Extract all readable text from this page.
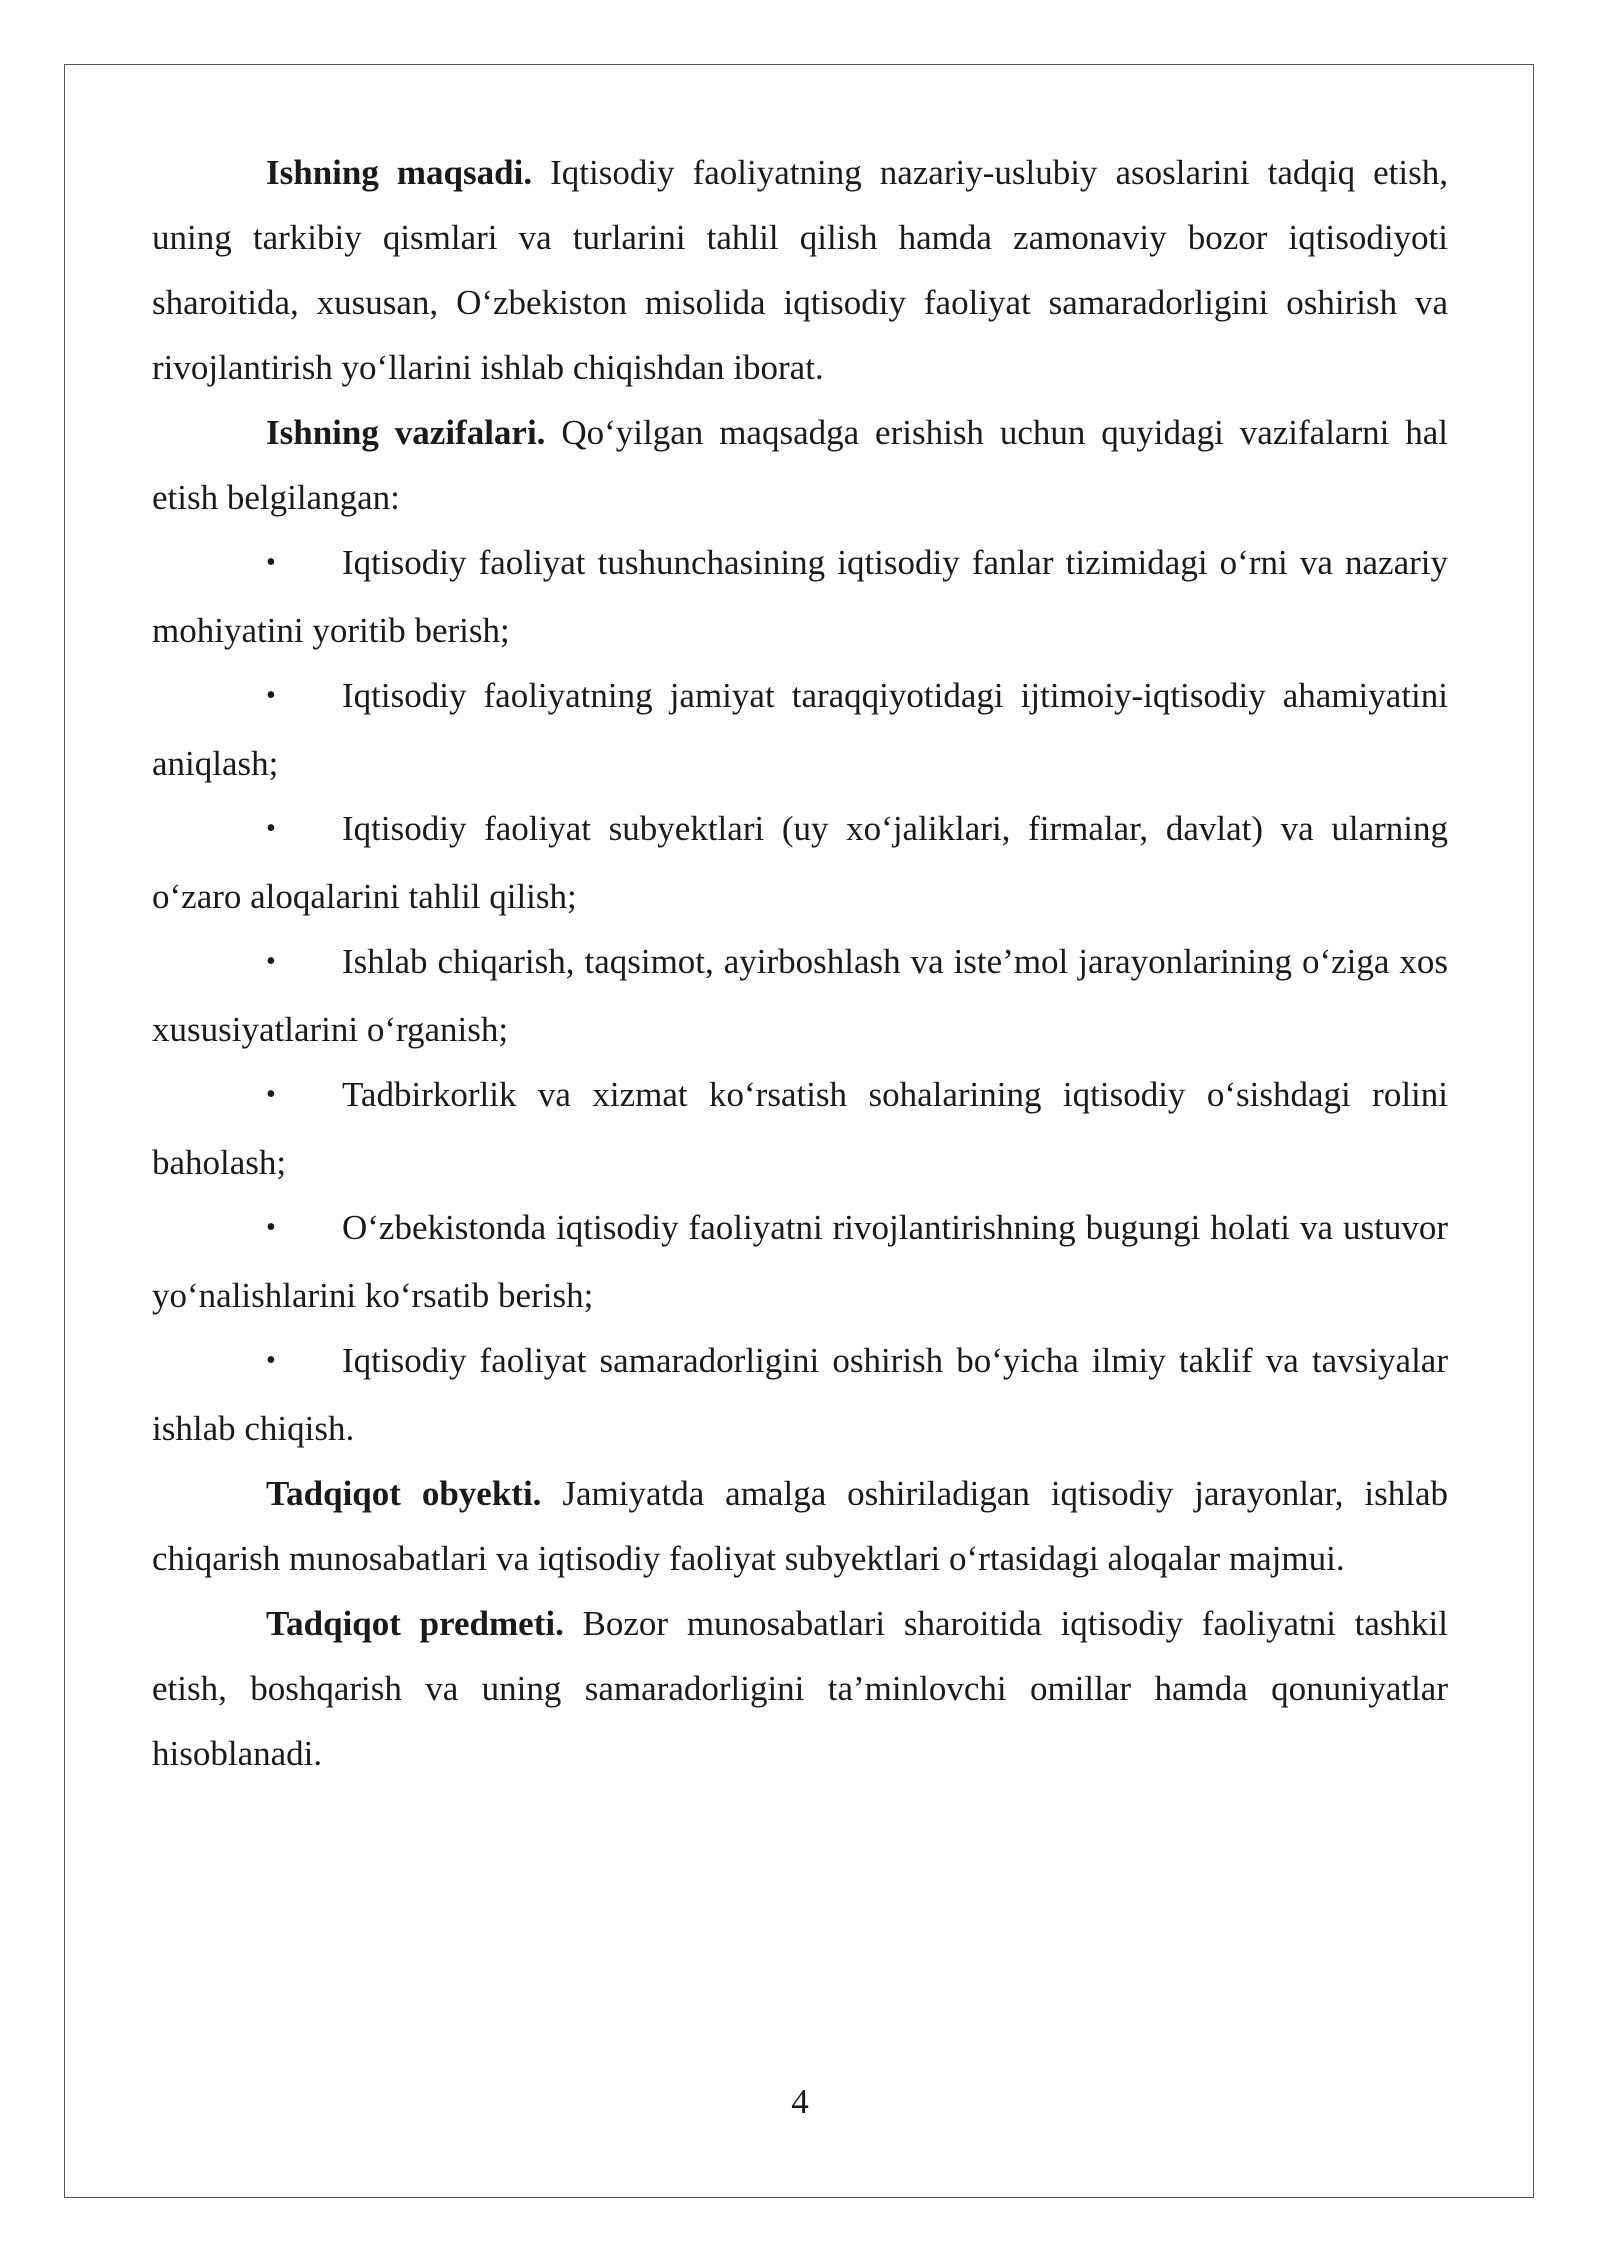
Ishning maqsadi. Iqtisodiy faoliyatning nazariy-uslubiy asoslarini tadqiq etish, uning tarkibiy qismlari va turlarini tahlil qilish hamda zamonaviy bozor iqtisodiyoti sharoitida, xususan, O‘zbekiston misolida iqtisodiy faoliyat samaradorligini oshirish va rivojlantirish yo‘llarini ishlab chiqishdan iborat.

Ishning vazifalari. Qo‘yilgan maqsadga erishish uchun quyidagi vazifalarni hal etish belgilangan:

• Iqtisodiy faoliyat tushunchasining iqtisodiy fanlar tizimidagi o‘rni va nazariy mohiyatini yoritib berish;
• Iqtisodiy faoliyatning jamiyat taraqqiyotidagi ijtimoiy-iqtisodiy ahamiyatini aniqlash;
• Iqtisodiy faoliyat subyektlari (uy xo‘jaliklari, firmalar, davlat) va ularning o‘zaro aloqalarini tahlil qilish;
• Ishlab chiqarish, taqsimot, ayirboshlash va iste’mol jarayonlarining o‘ziga xos xususiyatlarini o‘rganish;
• Tadbirkorlik va xizmat ko‘rsatish sohalarining iqtisodiy o‘sishdagi rolini baholash;
• O‘zbekistonda iqtisodiy faoliyatni rivojlantirishning bugungi holati va ustuvor yo‘nalishlarini ko‘rsatib berish;
• Iqtisodiy faoliyat samaradorligini oshirish bo‘yicha ilmiy taklif va tavsiyalar ishlab chiqish.

Tadqiqot obyekti. Jamiyatda amalga oshiriladigan iqtisodiy jarayonlar, ishlab chiqarish munosabatlari va iqtisodiy faoliyat subyektlari o‘rtasidagi aloqalar majmui.

Tadqiqot predmeti. Bozor munosabatlari sharoitida iqtisodiy faoliyatni tashkil etish, boshqarish va uning samaradorligini ta’minlovchi omillar hamda qonuniyatlar hisoblanadi.

4
